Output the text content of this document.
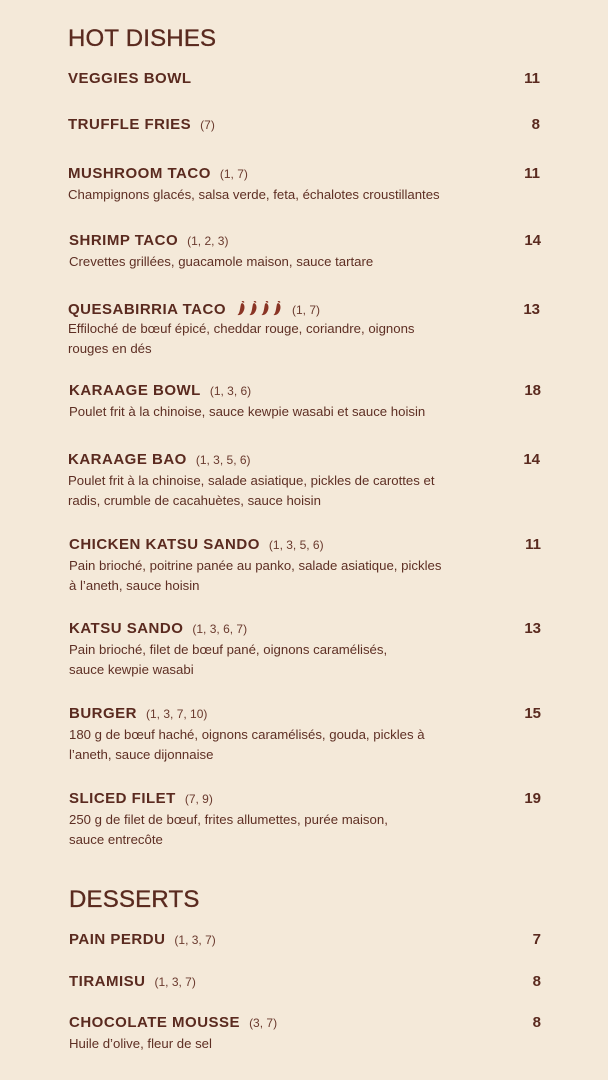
HOT DISHES
VEGGIES BOWL	11
TRUFFLE FRIES (7)	8
MUSHROOM TACO (1, 7)	11
Champignons glacés, salsa verde, feta, échalotes croustillantes
SHRIMP TACO (1, 2, 3)	14
Crevettes grillées, guacamole maison, sauce tartare
QUESABIRRIA TACO	(1, 7)	13
Effiloché de bœuf épicé, cheddar rouge, coriandre, oignons
rouges en dés
KARAAGE BOWL (1, 3, 6)	18
Poulet frit à la chinoise, sauce kewpie wasabi et sauce hoisin
KARAAGE BAO (1, 3, 5, 6)	14
Poulet frit à la chinoise, salade asiatique, pickles de carottes et
radis, crumble de cacahuètes, sauce hoisin
CHICKEN KATSU SANDO (1, 3, 5, 6)	11
Pain brioché, poitrine panée au panko, salade asiatique, pickles
à l’aneth, sauce hoisin
KATSU SANDO (1, 3, 6, 7)	13
Pain brioché, filet de bœuf pané, oignons caramélisés,
sauce kewpie wasabi
BURGER (1, 3, 7, 10)	15
180 g de bœuf haché, oignons caramélisés, gouda, pickles à
l’aneth, sauce dijonnaise
SLICED FILET (7, 9)	19
250 g de filet de bœuf, frites allumettes, purée maison,
sauce entrecôte
DESSERTS
PAIN PERDU (1, 3, 7)	7
TIRAMISU (1, 3, 7)	8
CHOCOLATE MOUSSE (3, 7)	8
Huile d’olive, fleur de sel
